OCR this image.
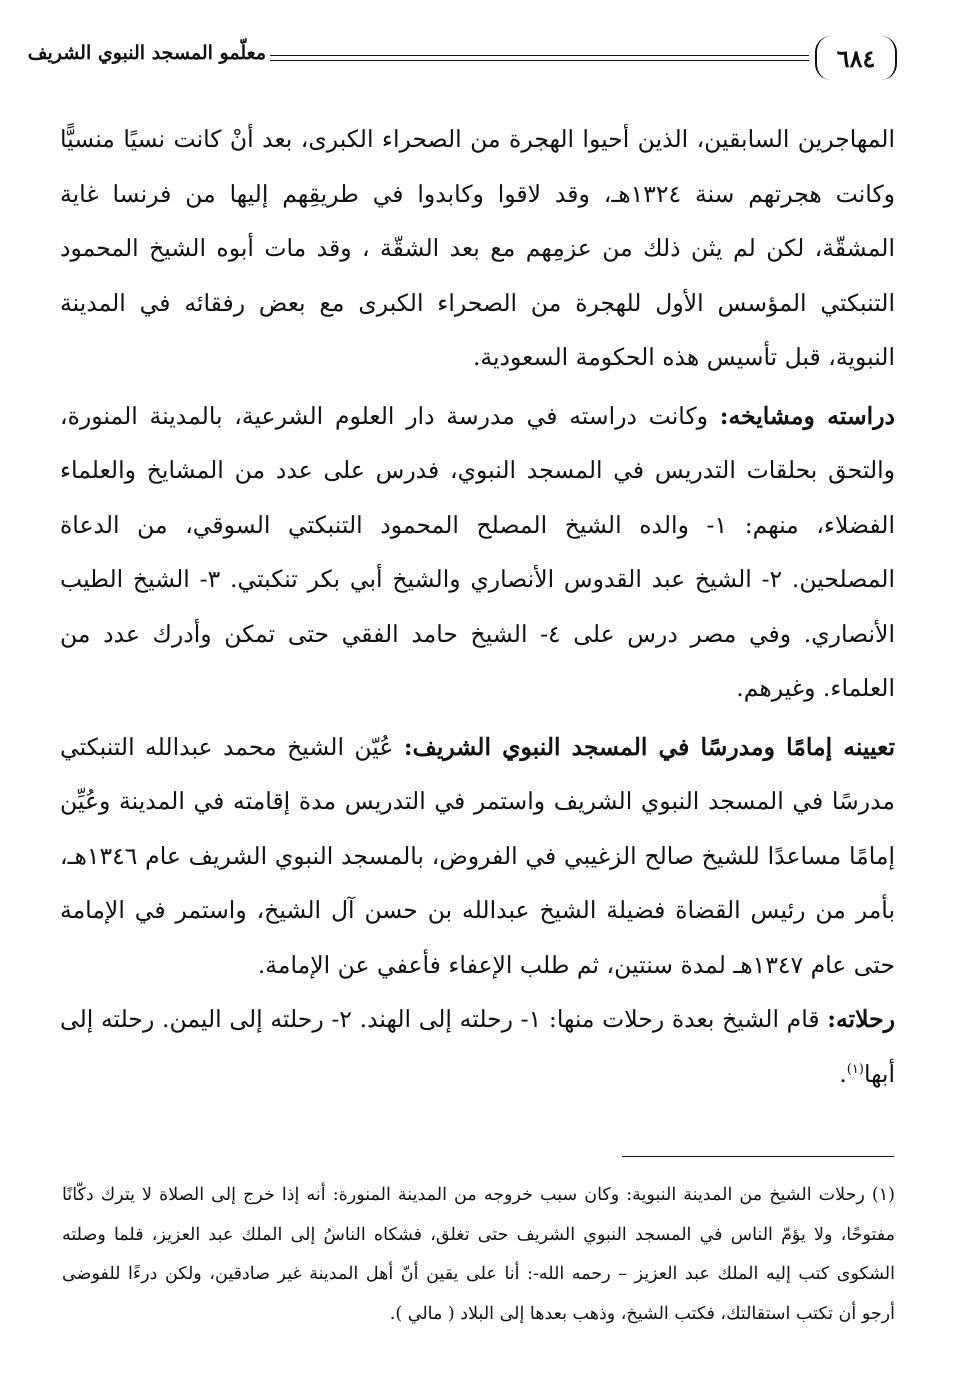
٦٨٤
معلّمو المسجد النبوي الشريف

المهاجرين السابقين، الذين أحيوا الهجرة من الصحراء الكبرى، بعد أنْ كانت نسيًا منسيًّا وكانت هجرتهم سنة ١٣٢٤هـ، وقد لاقوا وكابدوا في طريقِهم إليها من فرنسا غاية المشقّة، لكن لم يثن ذلك من عزمِهم مع بعد الشقّة ، وقد مات أبوه الشيخ المحمود التنبكتي المؤسس الأول للهجرة من الصحراء الكبرى مع بعض رفقائه في المدينة النبوية، قبل تأسيس هذه الحكومة السعودية.

دراسته ومشايخه: وكانت دراسته في مدرسة دار العلوم الشرعية، بالمدينة المنورة، والتحق بحلقات التدريس في المسجد النبوي، فدرس على عدد من المشايخ والعلماء الفضلاء، منهم: ١- والده الشيخ المصلح المحمود التنبكتي السوقي، من الدعاة المصلحين. ٢- الشيخ عبد القدوس الأنصاري والشيخ أبي بكر تنكبتي. ٣- الشيخ الطيب الأنصاري. وفي مصر درس على ٤- الشيخ حامد الفقي حتى تمكن وأدرك عدد من العلماء. وغيرهم.

تعيينه إمامًا ومدرسًا في المسجد النبوي الشريف: عُيّن الشيخ محمد عبدالله التنبكتي مدرسًا في المسجد النبوي الشريف واستمر في التدريس مدة إقامته في المدينة وعُيِّن إمامًا مساعدًا للشيخ صالح الزغيبي في الفروض، بالمسجد النبوي الشريف عام ١٣٤٦هـ، بأمر من رئيس القضاة فضيلة الشيخ عبدالله بن حسن آل الشيخ، واستمر في الإمامة حتى عام ١٣٤٧هـ لمدة سنتين، ثم طلب الإعفاء فأعفي عن الإمامة.

رحلاته: قام الشيخ بعدة رحلات منها: ١- رحلته إلى الهند. ٢- رحلته إلى اليمن. رحلته إلى أبها$^{(١)}$.

(١) رحلات الشيخ من المدينة النبوية: وكان سبب خروجه من المدينة المنورة: أنه إذا خرج إلى الصلاة لا يترك دكّانًا مفتوحًا، ولا يؤمّ الناس في المسجد النبوي الشريف حتى تغلق، فشكاه الناسُ إلى الملك عبد العزيز، فلما وصلته الشكوى كتب إليه الملك عبد العزيز – رحمه الله-: أنا على يقين أنّ أهل المدينة غير صادقين، ولكن درءًا للفوضى أرجو أن تكتب استقالتك، فكتب الشيخ، وذهب بعدها إلى البلاد ( مالي ).
